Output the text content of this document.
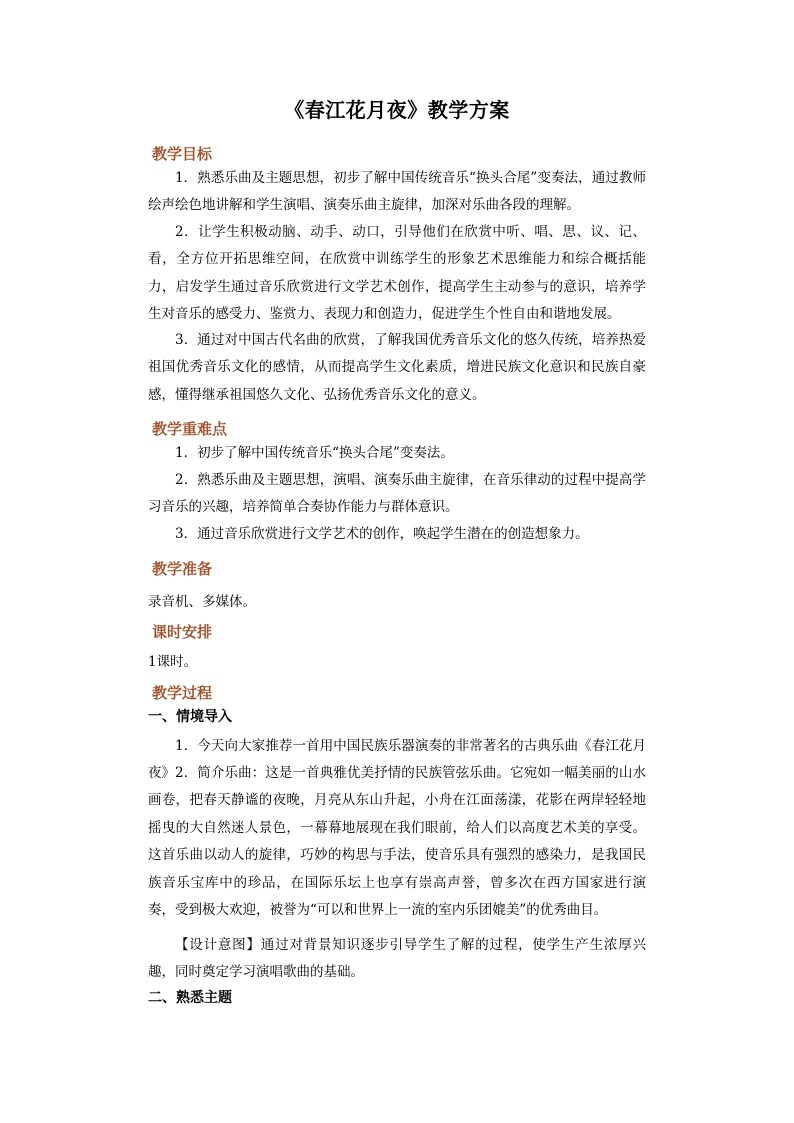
《春江花月夜》教学方案
教学目标

1．熟悉乐曲及主题思想，初步了解中国传统音乐“换头合尾”变奏法，通过教师绘声绘色地讲解和学生演唱、演奏乐曲主旋律，加深对乐曲各段的理解。

2．让学生积极动脑、动手、动口，引导他们在欣赏中听、唱、思、议、记、看，全方位开拓思维空间，在欣赏中训练学生的形象艺术思维能力和综合概括能力，启发学生通过音乐欣赏进行文学艺术创作，提高学生主动参与的意识，培养学生对音乐的感受力、鉴赏力、表现力和创造力，促进学生个性自由和谐地发展。

3．通过对中国古代名曲的欣赏，了解我国优秀音乐文化的悠久传统，培养热爱祖国优秀音乐文化的感情，从而提高学生文化素质，增进民族文化意识和民族自豪感，懂得继承祖国悠久文化、弘扬优秀音乐文化的意义。

教学重难点

1．初步了解中国传统音乐“换头合尾”变奏法。

2．熟悉乐曲及主题思想，演唱、演奏乐曲主旋律，在音乐律动的过程中提高学习音乐的兴趣，培养简单合奏协作能力与群体意识。

3．通过音乐欣赏进行文学艺术的创作，唤起学生潜在的创造想象力。

教学准备

录音机、多媒体。

课时安排

1课时。

教学过程
一、情境导入

1．今天向大家推荐一首用中国民族乐器演奏的非常著名的古典乐曲《春江花月夜》 2．简介乐曲：这是一首典雅优美抒情的民族管弦乐曲。它宛如一幅美丽的山水画卷，把春天静谧的夜晚，月亮从东山升起，小舟在江面荡漾，花影在两岸轻轻地摇曳的大自然迷人景色，一幕幕地展现在我们眼前，给人们以高度艺术美的享受。这首乐曲以动人的旋律，巧妙的构思与手法，使音乐具有强烈的感染力，是我国民族音乐宝库中的珍品，在国际乐坛上也享有崇高声誉，曾多次在西方国家进行演奏，受到极大欢迎，被誉为“可以和世界上一流的室内乐团媲美”的优秀曲目。

【设计意图】通过对背景知识逐步引导学生了解的过程，使学生产生浓厚兴趣，同时奠定学习演唱歌曲的基础。

二、熟悉主题
